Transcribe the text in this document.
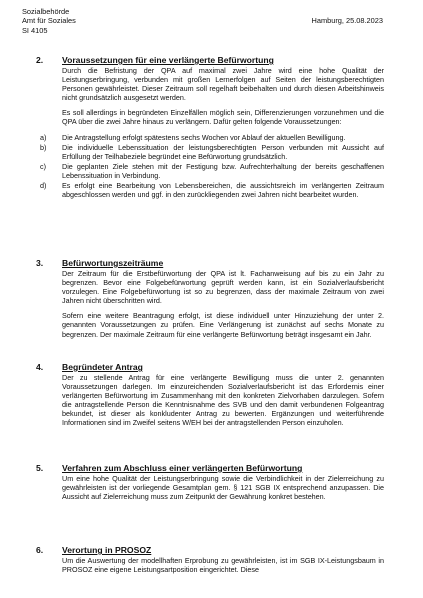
Sozialbehörde
Amt für Soziales
SI 4105
Hamburg, 25.08.2023
2. Voraussetzungen für eine verlängerte Befürwortung

Durch die Befristung der QPA auf maximal zwei Jahre wird eine hohe Qualität der Leistungserbringung, verbunden mit großen Lernerfolgen auf Seiten der leistungsberechtigten Personen gewährleistet. Dieser Zeitraum soll regelhaft beibehalten und durch diesen Arbeitshinweis nicht grundsätzlich ausgesetzt werden.

Es soll allerdings in begründeten Einzelfällen möglich sein, Differenzierungen vorzunehmen und die QPA über die zwei Jahre hinaus zu verlängern. Dafür gelten folgende Voraussetzungen:

a) Die Antragstellung erfolgt spätestens sechs Wochen vor Ablauf der aktuellen Bewilligung.
b) Die individuelle Lebenssituation der leistungsberechtigten Person verbunden mit Aussicht auf Erfüllung der Teilhabeziele begründet eine Befürwortung grundsätzlich.
c) Die geplanten Ziele stehen mit der Festigung bzw. Aufrechterhaltung der bereits geschaffenen Lebenssituation in Verbindung.
d) Es erfolgt eine Bearbeitung von Lebensbereichen, die aussichtsreich im verlängerten Zeitraum abgeschlossen werden und ggf. in den zurückliegenden zwei Jahren nicht bearbeitet wurden.
3. Befürwortungszeiträume

Der Zeitraum für die Erstbefürwortung der QPA ist lt. Fachanweisung auf bis zu ein Jahr zu begrenzen. Bevor eine Folgebefürwortung geprüft werden kann, ist ein Sozialverlaufsbericht vorzulegen. Eine Folgebefürwortung ist so zu begrenzen, dass der maximale Zeitraum von zwei Jahren nicht überschritten wird.

Sofern eine weitere Beantragung erfolgt, ist diese individuell unter Hinzuziehung der unter 2. genannten Voraussetzungen zu prüfen. Eine Verlängerung ist zunächst auf sechs Monate zu begrenzen. Der maximale Zeitraum für eine verlängerte Befürwortung beträgt insgesamt ein Jahr.

4. Begründeter Antrag

Der zu stellende Antrag für eine verlängerte Bewilligung muss die unter 2. genannten Voraussetzungen darlegen. Im einzureichenden Sozialverlaufsbericht ist das Erfordernis einer verlängerten Befürwortung im Zusammenhang mit den konkreten Zielvorhaben darzulegen. Sofern die antragstellende Person die Kenntnisnahme des SVB und den damit verbundenen Folgeantrag bekundet, ist dieser als konkludenter Antrag zu bewerten. Ergänzungen und weiterführende Informationen sind im Zweifel seitens W/EH bei der antragstellenden Person einzuholen.

5. Verfahren zum Abschluss einer verlängerten Befürwortung

Um eine hohe Qualität der Leistungserbringung sowie die Verbindlichkeit in der Zielerreichung zu gewährleisten ist der vorliegende Gesamtplan gem. § 121 SGB IX entsprechend anzupassen. Die Aussicht auf Zielerreichung muss zum Zeitpunkt der Gewährung konkret bestehen.

6. Verortung in PROSOZ

Um die Auswertung der modellhaften Erprobung zu gewährleisten, ist im SGB IX-Leistungsbaum in PROSOZ eine eigene Leistungsartposition eingerichtet. Diese
